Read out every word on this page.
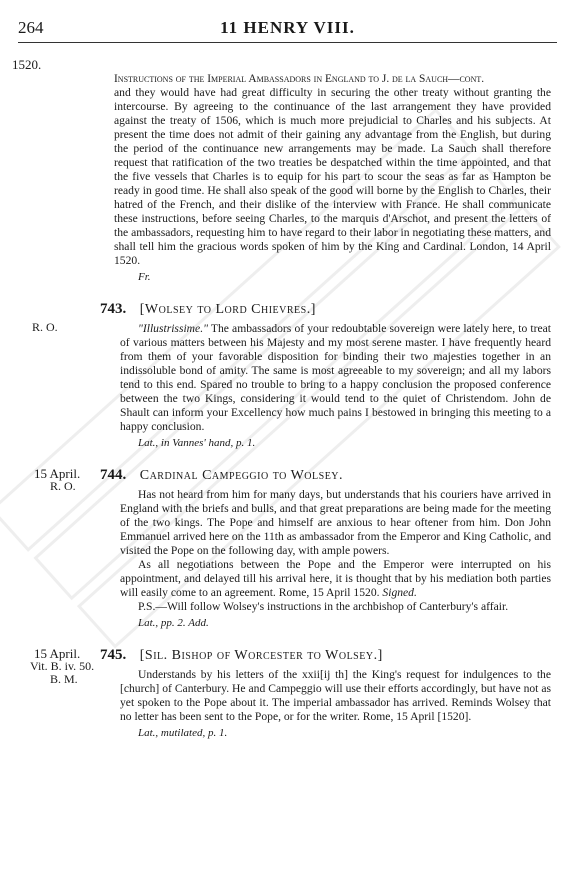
264	11 HENRY VIII.
1520.
Instructions of the Imperial Ambassadors in England to J. de la Sauch—cont.

and they would have had great difficulty in securing the other treaty without granting the intercourse. By agreeing to the continuance of the last arrangement they have provided against the treaty of 1506, which is much more prejudicial to Charles and his subjects. At present the time does not admit of their gaining any advantage from the English, but during the period of the continuance new arrangements may be made. La Sauch shall therefore request that ratification of the two treaties be despatched within the time appointed, and that the five vessels that Charles is to equip for his part to scour the seas as far as Hampton be ready in good time. He shall also speak of the good will borne by the English to Charles, their hatred of the French, and their dislike of the interview with France. He shall communicate these instructions, before seeing Charles, to the marquis d'Arschot, and present the letters of the ambassadors, requesting him to have regard to their labor in negotiating these matters, and shall tell him the gracious words spoken of him by the King and Cardinal. London, 14 April 1520.

Fr.
R. O.
743. [Wolsey to Lord Chievres.]

"Illustrissime." The ambassadors of your redoubtable sovereign were lately here, to treat of various matters between his Majesty and my most serene master. I have frequently heard from them of your favorable disposition for binding their two majesties together in an indissoluble bond of amity. The same is most agreeable to my sovereign; and all my labors tend to this end. Spared no trouble to bring to a happy conclusion the proposed conference between the two Kings, considering it would tend to the quiet of Christendom. John de Shault can inform your Excellency how much pains I bestowed in bringing this meeting to a happy conclusion.

Lat., in Vannes' hand, p. 1.
15 April.
R. O.
744. Cardinal Campeggio to Wolsey.

Has not heard from him for many days, but understands that his couriers have arrived in England with the briefs and bulls, and that great preparations are being made for the meeting of the two kings. The Pope and himself are anxious to hear oftener from him. Don John Emmanuel arrived here on the 11th as ambassador from the Emperor and King Catholic, and visited the Pope on the following day, with ample powers.

As all negotiations between the Pope and the Emperor were interrupted on his appointment, and delayed till his arrival here, it is thought that by his mediation both parties will easily come to an agreement. Rome, 15 April 1520. Signed.

P.S.—Will follow Wolsey's instructions in the archbishop of Canterbury's affair.

Lat., pp. 2. Add.
15 April.
Vit. B. iv. 50.
B. M.
745. [Sil. Bishop of Worcester to Wolsey.]

Understands by his letters of the xxii[ij th] the King's request for indulgences to the [church] of Canterbury. He and Campeggio will use their efforts accordingly, but have not as yet spoken to the Pope about it. The imperial ambassador has arrived. Reminds Wolsey that no letter has been sent to the Pope, or for the writer. Rome, 15 April [1520].

Lat., mutilated, p. 1.
